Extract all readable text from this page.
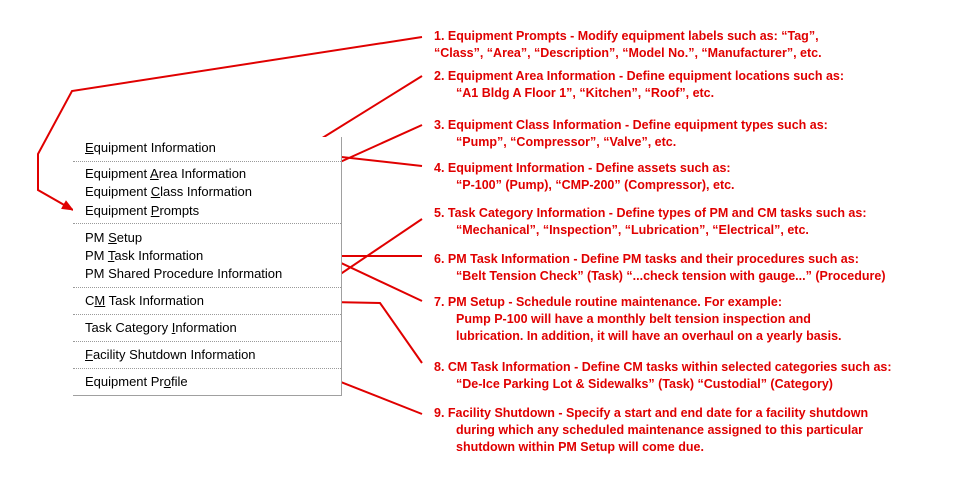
Equipment Information
Equipment Area Information
Equipment Class Information
Equipment Prompts
PM Setup
PM Task Information
PM Shared Procedure Information
CM Task Information
Task Category Information
Facility Shutdown Information
Equipment Profile
1. Equipment Prompts - Modify equipment labels such as: “Tag”,
“Class”, “Area”, “Description”, “Model No.”, “Manufacturer”, etc.
2. Equipment Area Information - Define equipment locations such as:
“A1 Bldg A Floor 1”, “Kitchen”, “Roof”, etc.
3. Equipment Class Information - Define equipment types such as:
“Pump”, “Compressor”, “Valve”, etc.
4. Equipment Information - Define assets such as:
“P-100” (Pump), “CMP-200” (Compressor), etc.
5. Task Category Information - Define types of PM and CM tasks such as:
“Mechanical”, “Inspection”, “Lubrication”, “Electrical”, etc.
6. PM Task Information - Define PM tasks and their procedures such as:
“Belt Tension Check” (Task) “...check tension with gauge...” (Procedure)
7. PM Setup - Schedule routine maintenance. For example:
Pump P-100 will have a monthly belt tension inspection and
lubrication. In addition, it will have an overhaul on a yearly basis.
8. CM Task Information - Define CM tasks within selected categories such as:
“De-Ice Parking Lot & Sidewalks” (Task) “Custodial” (Category)
9. Facility Shutdown - Specify a start and end date for a facility shutdown
during which any scheduled maintenance assigned to this particular
shutdown within PM Setup will come due.
